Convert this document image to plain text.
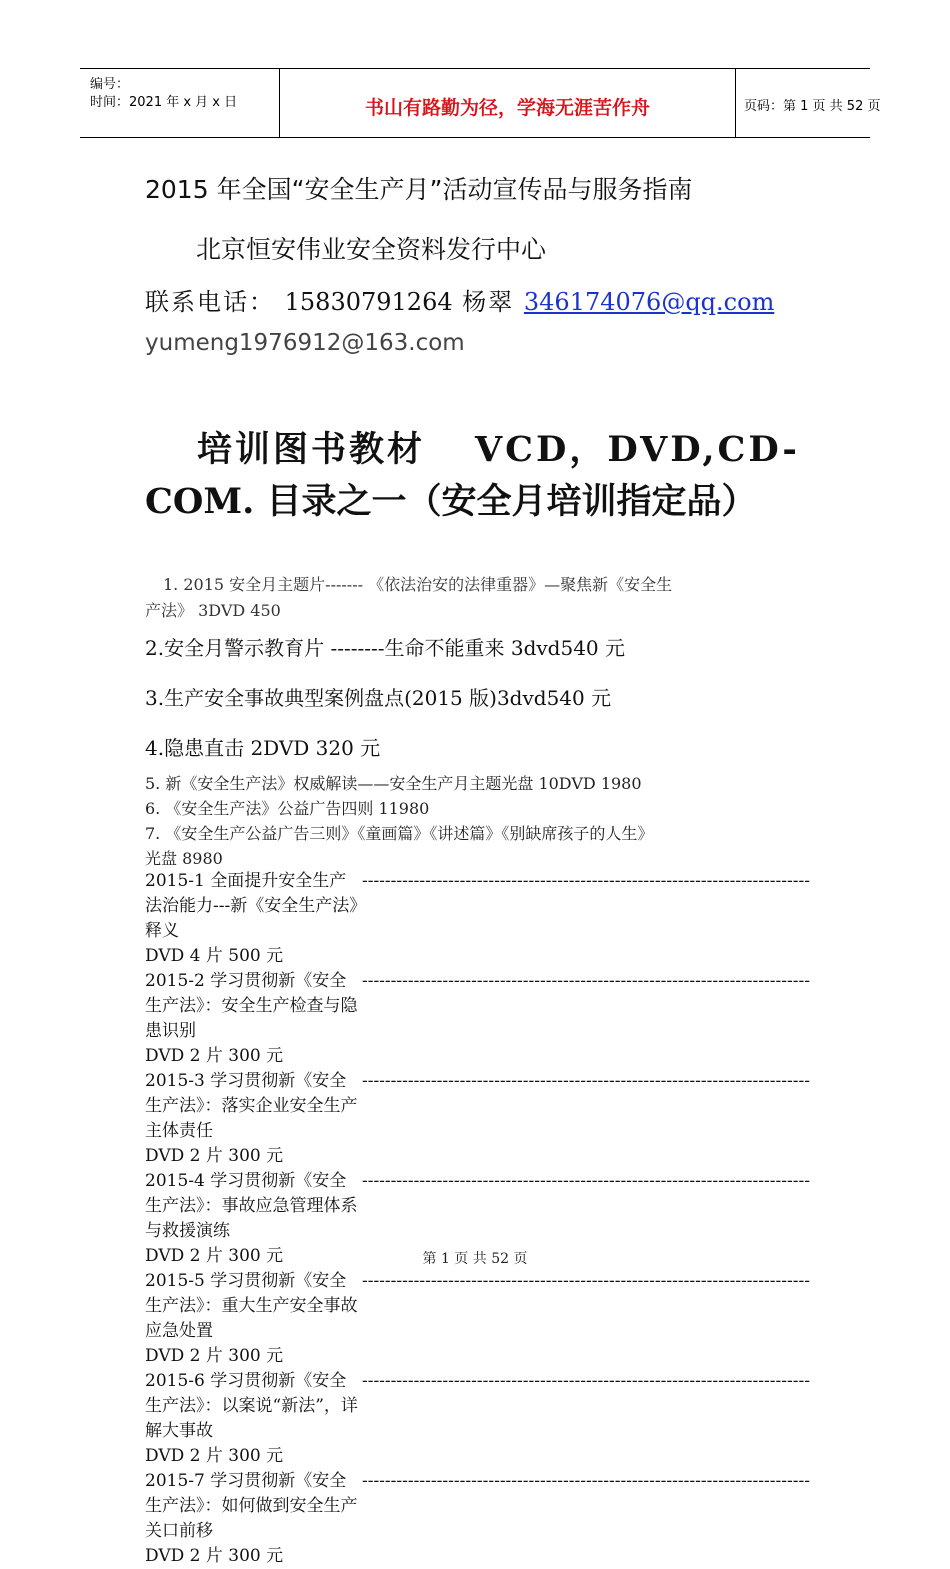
编号：
时间：2021 年 x 月 x 日	书山有路勤为径，学海无涯苦作舟	页码：第 1 页 共 52 页
2015 年全国“安全生产月”活动宣传品与服务指南
北京恒安伟业安全资料发行中心
联系电话： 15830791264 杨翠 346174076@qq.com
yumeng1976912@163.com
培训图书教材 VCD，DVD,CD-
COM. 目录之一（安全月培训指定品）
1. 2015 安全月主题片------- 《依法治安的法律重器》—聚焦新《安全生
产法》 3DVD 450
2.安全月警示教育片 --------生命不能重来 3dvd540 元
3.生产安全事故典型案例盘点(2015 版)3dvd540 元
4.隐患直击 2DVD 320 元
5. 新《安全生产法》权威解读——安全生产月主题光盘 10DVD 1980
6. 《安全生产法》公益广告四则 11980
7. 《安全生产公益广告三则》《童画篇》《讲述篇》《别缺席孩子的人生》
光盘 8980
2015-1 全面提升安全生产法治能力---新《安全生产法》释义
------------------------------------------------------------------------------
DVD 4 片 500 元
2015-2 学习贯彻新《安全生产法》：安全生产检查与隐患识别
------------------------------------------------------------------------------
DVD 2 片 300 元
2015-3 学习贯彻新《安全生产法》：落实企业安全生产主体责任
------------------------------------------------------------------------------
DVD 2 片 300 元
2015-4 学习贯彻新《安全生产法》：事故应急管理体系与救援演练
------------------------------------------------------------------------------
DVD 2 片 300 元
2015-5 学习贯彻新《安全生产法》：重大生产安全事故应急处置
------------------------------------------------------------------------------
DVD 2 片 300 元
2015-6 学习贯彻新《安全生产法》：以案说“新法”，详解大事故
------------------------------------------------------------------------------
DVD 2 片 300 元
2015-7 学习贯彻新《安全生产法》：如何做到安全生产关口前移
------------------------------------------------------------------------------
DVD 2 片 300 元
第 1 页 共 52 页
